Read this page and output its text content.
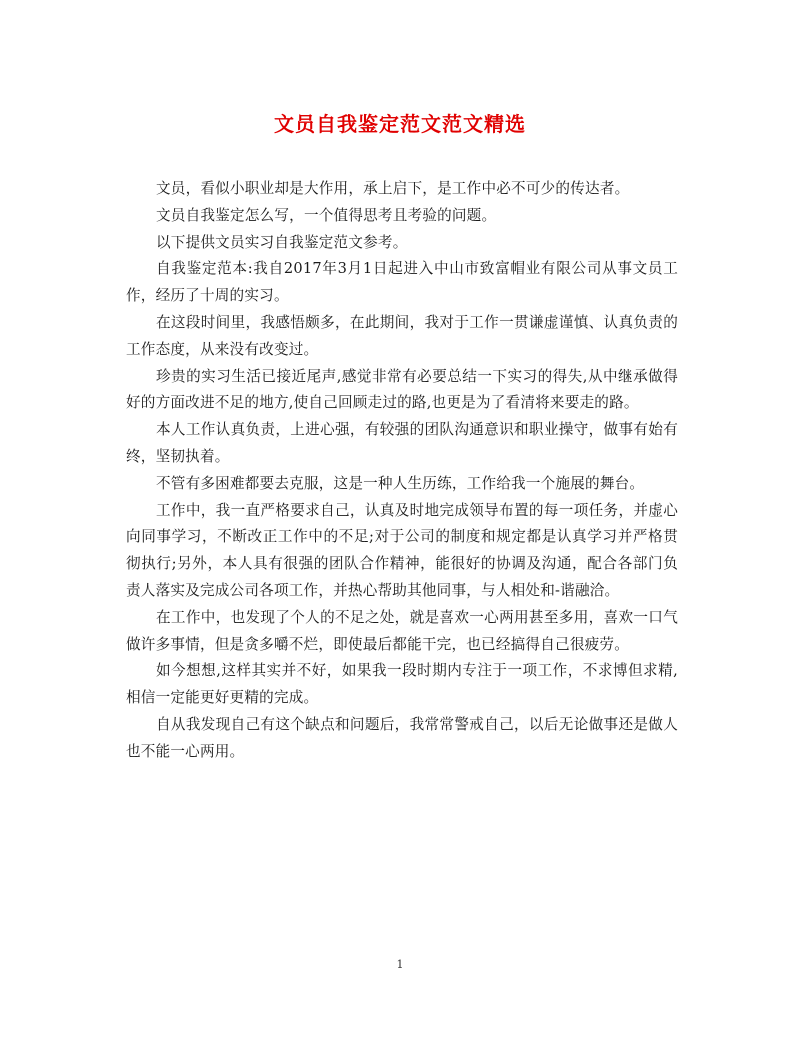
文员自我鉴定范文范文精选

文员，看似小职业却是大作用，承上启下，是工作中必不可少的传达者。

文员自我鉴定怎么写，一个值得思考且考验的问题。

以下提供文员实习自我鉴定范文参考。

自我鉴定范本:我自2017年3月1日起进入中山市致富帽业有限公司从事文员工作，经历了十周的实习。

在这段时间里，我感悟颇多，在此期间，我对于工作一贯谦虚谨慎、认真负责的工作态度，从来没有改变过。

珍贵的实习生活已接近尾声,感觉非常有必要总结一下实习的得失,从中继承做得好的方面改进不足的地方,使自己回顾走过的路,也更是为了看清将来要走的路。

本人工作认真负责，上进心强，有较强的团队沟通意识和职业操守，做事有始有终，坚韧执着。

不管有多困难都要去克服，这是一种人生历练，工作给我一个施展的舞台。

工作中，我一直严格要求自己，认真及时地完成领导布置的每一项任务，并虚心向同事学习，不断改正工作中的不足;对于公司的制度和规定都是认真学习并严格贯彻执行;另外，本人具有很强的团队合作精神，能很好的协调及沟通，配合各部门负责人落实及完成公司各项工作，并热心帮助其他同事，与人相处和-谐融洽。

在工作中，也发现了个人的不足之处，就是喜欢一心两用甚至多用，喜欢一口气做许多事情，但是贪多嚼不烂，即使最后都能干完，也已经搞得自己很疲劳。

如今想想,这样其实并不好，如果我一段时期内专注于一项工作，不求博但求精, 相信一定能更好更精的完成。

自从我发现自己有这个缺点和问题后，我常常警戒自己，以后无论做事还是做人也不能一心两用。

1
